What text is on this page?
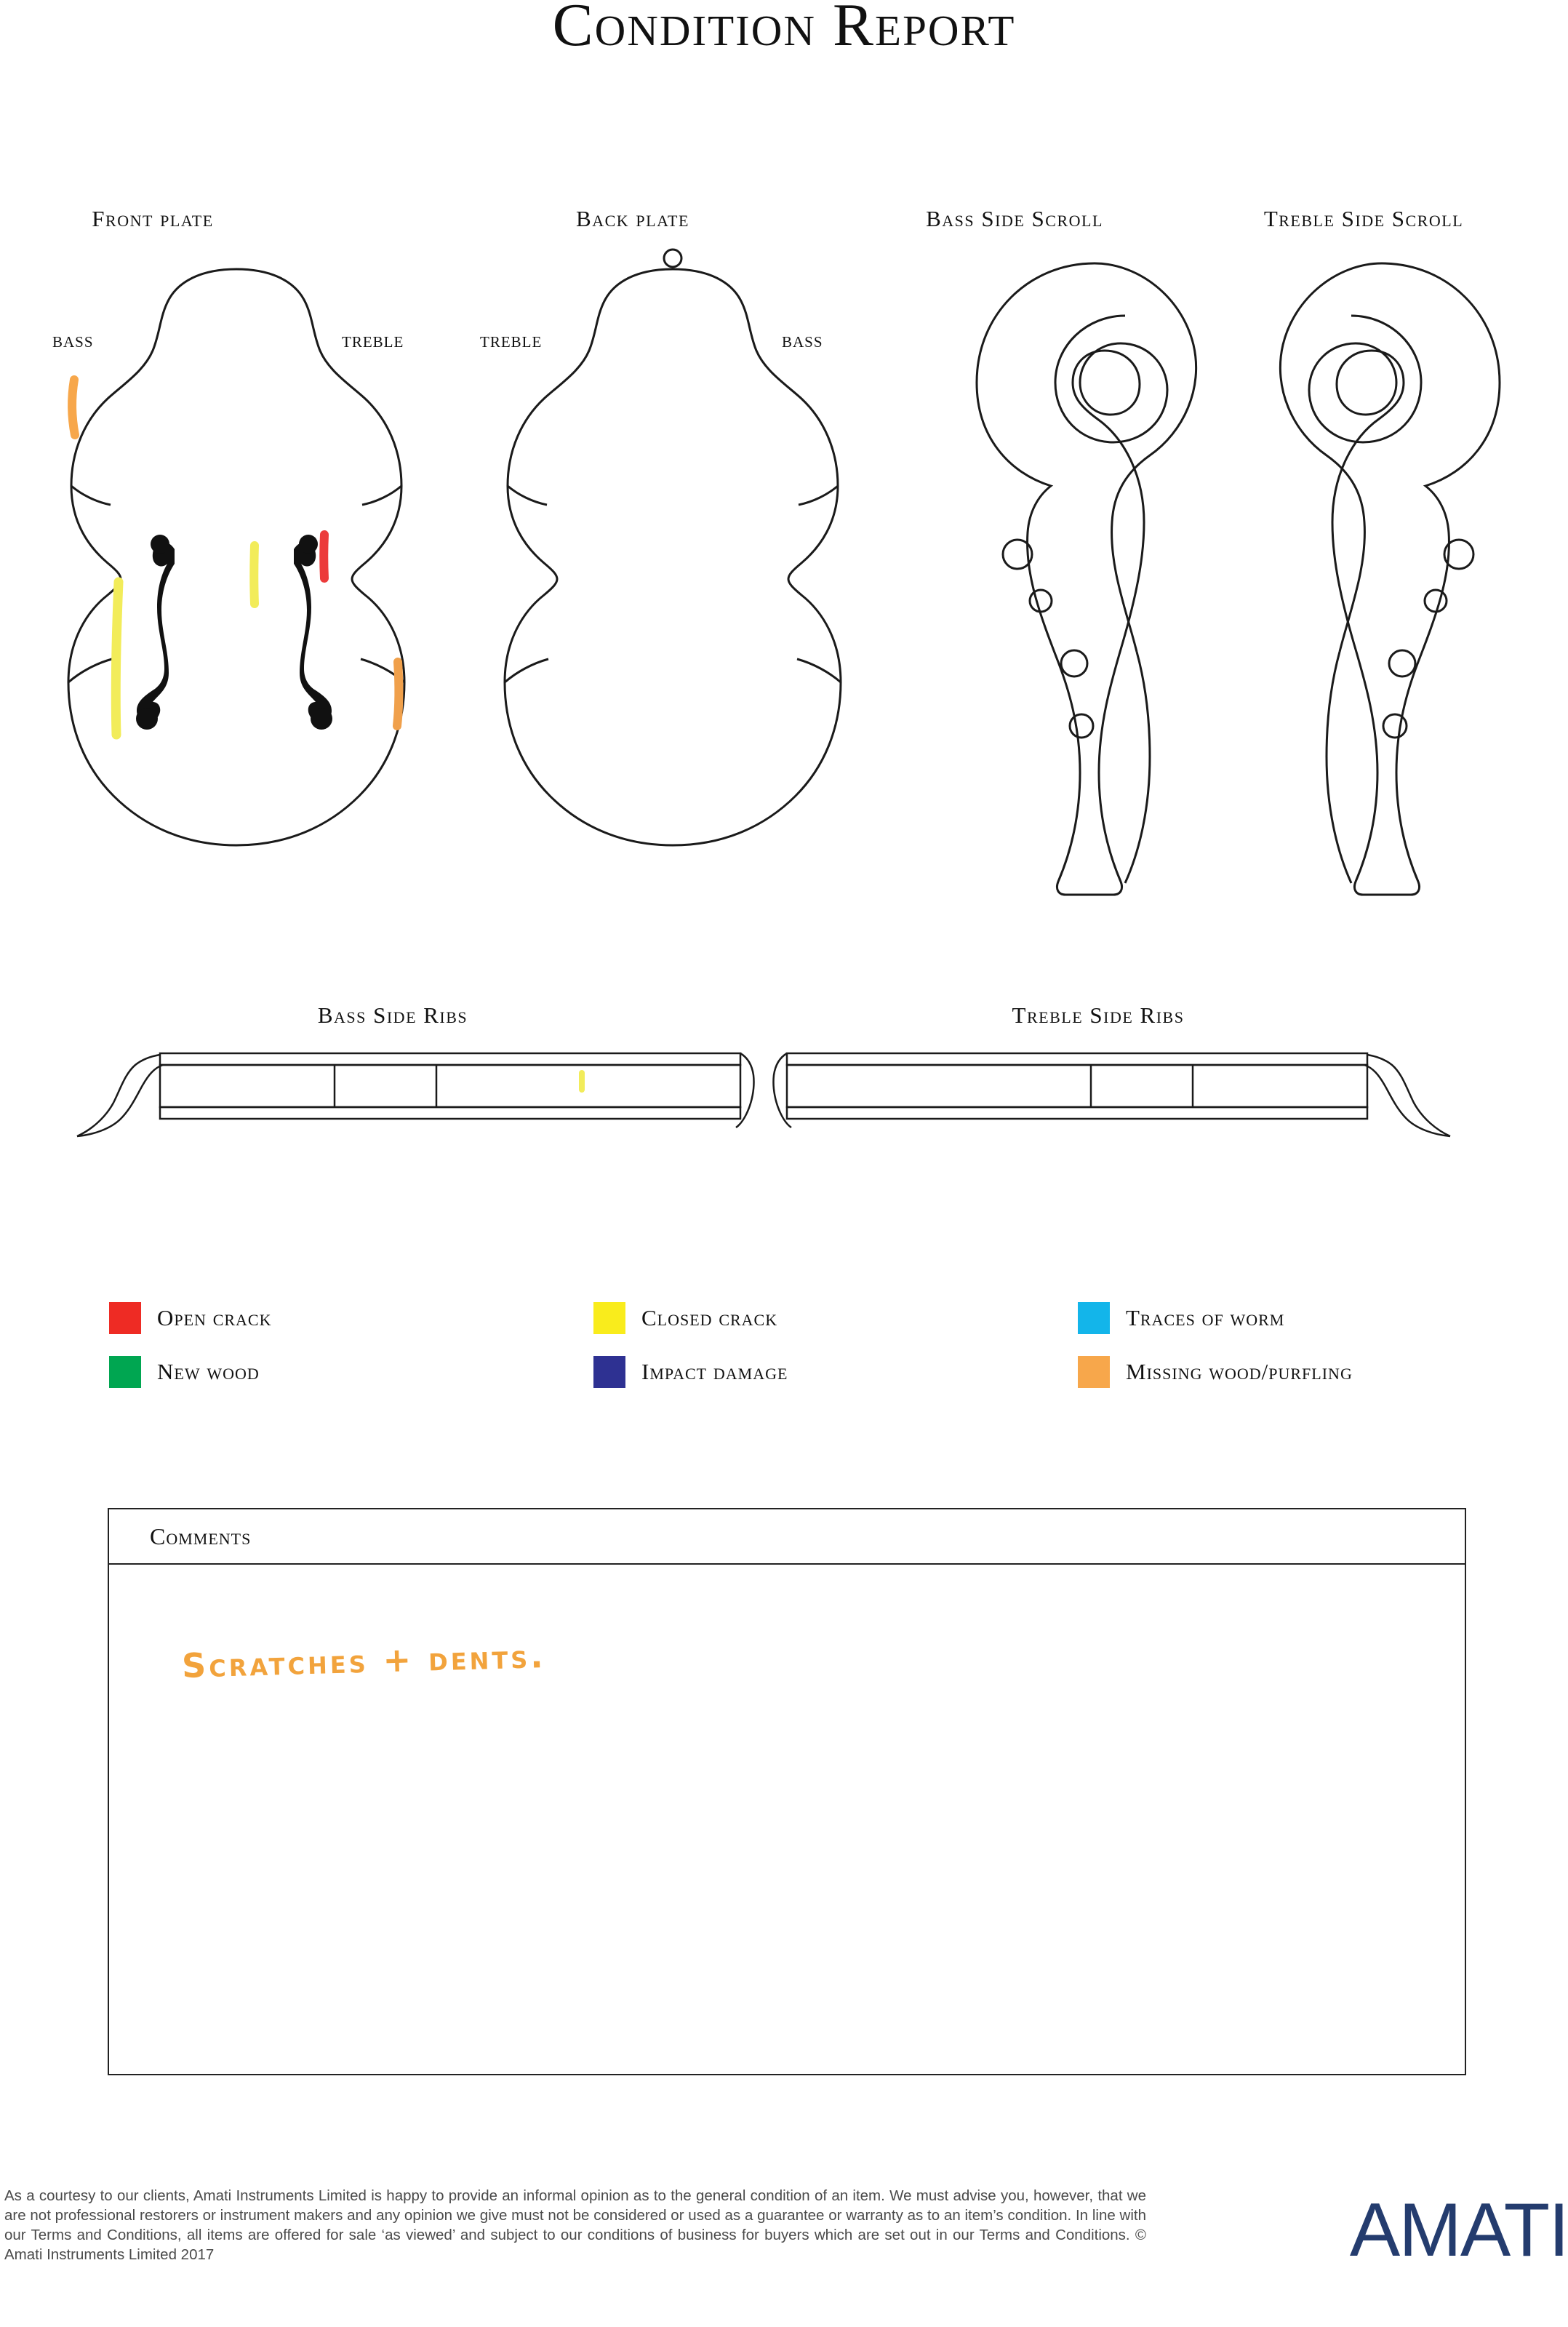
Condition Report
Front plate	Back plate	Bass Side Scroll	Treble Side Scroll
BASS	TREBLE	TREBLE	BASS
Bass Side Ribs	Treble Side Ribs
Open crack	Closed crack	Traces of worm
New wood	Impact damage	Missing wood/purfling
Comments
Scratches + dents.
As a courtesy to our clients, Amati Instruments Limited is happy to provide an informal opinion as to the general condition of an item. We must advise you, however, that we are not professional restorers or instrument makers and any opinion we give must not be considered or used as a guarantee or warranty as to an item’s condition. In line with our Terms and Conditions, all items are offered for sale ‘as viewed’ and subject to our conditions of business for buyers which are set out in our Terms and Conditions. © Amati Instruments Limited 2017	AMATI
